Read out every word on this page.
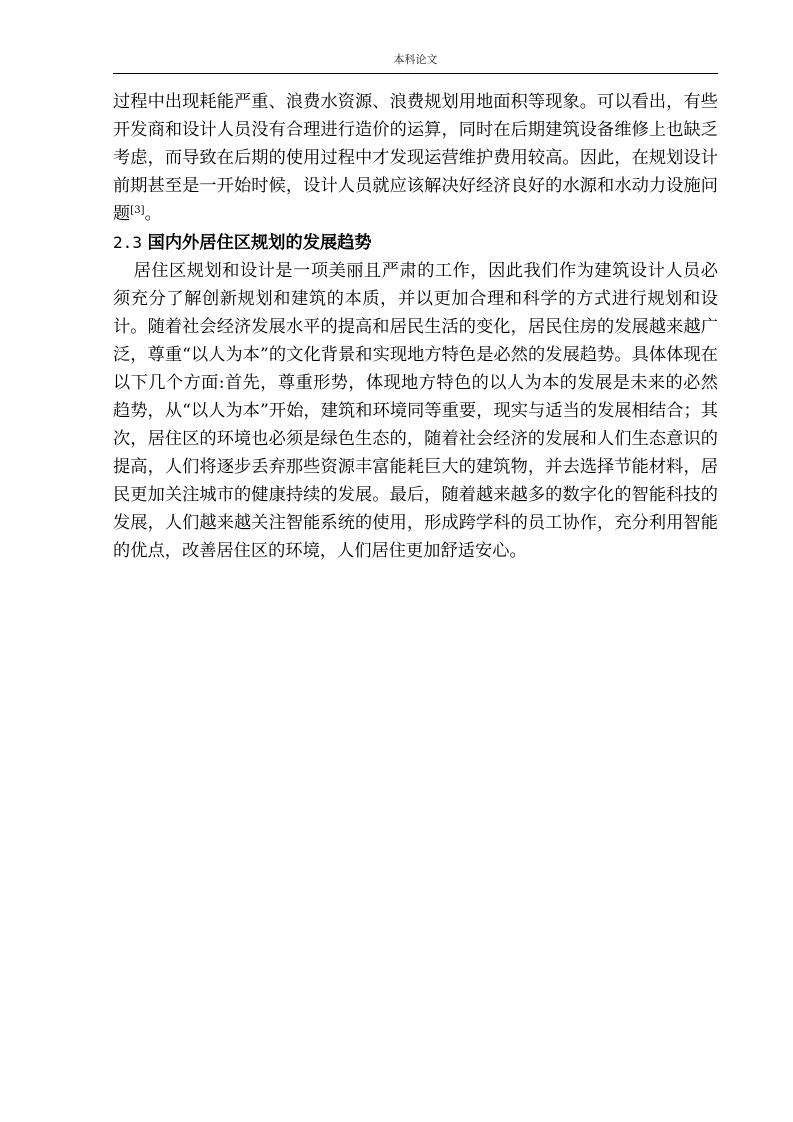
本科论文

过程中出现耗能严重、浪费水资源、浪费规划用地面积等现象。可以看出，有些开发商和设计人员没有合理进行造价的运算，同时在后期建筑设备维修上也缺乏考虑，而导致在后期的使用过程中才发现运营维护费用较高。因此，在规划设计前期甚至是一开始时候，设计人员就应该解决好经济良好的水源和水动力设施问题[3]。

2.3 国内外居住区规划的发展趋势

居住区规划和设计是一项美丽且严肃的工作，因此我们作为建筑设计人员必须充分了解创新规划和建筑的本质，并以更加合理和科学的方式进行规划和设计。随着社会经济发展水平的提高和居民生活的变化，居民住房的发展越来越广泛，尊重“以人为本”的文化背景和实现地方特色是必然的发展趋势。具体体现在以下几个方面:首先，尊重形势，体现地方特色的以人为本的发展是未来的必然趋势，从“以人为本”开始，建筑和环境同等重要，现实与适当的发展相结合；其次，居住区的环境也必须是绿色生态的，随着社会经济的发展和人们生态意识的提高，人们将逐步丢弃那些资源丰富能耗巨大的建筑物，并去选择节能材料，居民更加关注城市的健康持续的发展。最后，随着越来越多的数字化的智能科技的发展，人们越来越关注智能系统的使用，形成跨学科的员工协作，充分利用智能的优点，改善居住区的环境，人们居住更加舒适安心。
